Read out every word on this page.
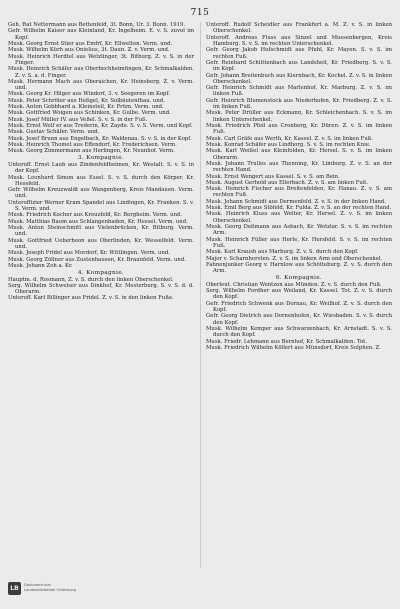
715

Geh. Rat Nettermann aus Bettenfeld, 3t. Bonn, Ur. 3. Bonn. 1919.

Gefr. Wilhelm Kaiser aus Kleinland, Kr. Ingelheim. E. v. S. zuvol im Kopf.

Musk. Georg Ernst Stier aus Emfrf, Kr. Ellwelten. Verm. und.

Musk. Wilhelm Kürh aus Onielius, 3t. Daun. Z. v. Verm. und.

Musk. Heinrich Herdtel aus Wetzlinger, 3t. Bitburg. Z. v. S. in der Finger.

Musk. Heinrich Schäfer aus Oberbechheimfingen, Kr. Schmalkalden. Z. v. S. a. d. Finger.

Musk. Hermann Mach aus Oberaichen, Kr. Heinsberg. Z. v. Verm. und.

Musk. Georg Kr. Hilger aus Windorf, 3. v. Seegeren im Kopf.

Musk. Peter Schröter aus Heßgel, Kr. Solbäutenthau. und.

Musk. Anton Gebbhard a. Kleinsteil, Kr. Prüm. Verm. und.

Musk. Gottfried Woigen aus Schinken, Kr. Gulbe. Verm. und.

Musk. Josef Müller IV. aus Veßel. S. v. S. in der Fuß.

Musk. Ernst Wolf er aus Trederin, Kr. Zayde. S. v. S. Verm. und Kopf.

Musk. Gustav Schäfer. Verm. und.

Musk. Josef Brunn aus Engelbach, Kr. Waldenau. S. v. S. in der Kopf.

Musk. Heinrich Thomet aus Effendorf, Kr. Frederichsen. Verm.

Musk. Georg Zimmermann aus Herlingen, Kr. Neunhof. Verm.

3. Kompagnie.

Unteroff. Ernst Laub aus Zindenfeldheimen, Kr. Westalt. S. v. S. in der Kopf.

Musk. Leonhard Simon aus Essel. S. v. S. durch den Körper, Kr. Hessfeld.

Gefr. Wilhelm Kreuzwaldt aus Wangenberg, Kreis Mandauen. Verm. und.

Unteroffizier Werner Kram Spandel aus Lindingen, Kr. Franken. S. v. S. Verm. und.

Musk. Friedrich Kocher aus Kreuzfeld, Kr. Bergheim. Verm. und.

Musk. Matthias Baum aus Schlangenbaden, Kr. Hessel. Verm. und.

Musk. Anton Steinschmitt aus Vielenbrücken, Kr. Bitburg. Verm. und.

Musk. Gottfried Ueberboon aus Oberlinden, Kr. Wesselfeld. Verm. und.

Musk. Joseph Fridel aus Mordorf, Kr. Wittlingen. Verm. und.

Musk. Georg Zöllner aus Zustenhausen, Kr. Braunfeld. Verm. und.

Musk. Johann Zoh a. Kr.

4. Kompagnie.

Hauptm. d. Rosmann, Z. v. S. durch den linken Oberschenkel.

Serg. Wilhelm Schwelser aus Dinkhof, Kr. Mesterburg. S. v. S. d. d. Oberarm.

Unteroff. Karl Billinger aus Fridel. Z. v. S. in den linken Fuße.

Unteroff. Rudolf Scheidler aus Frankfurt a. M. Z. v. S. in linken Oberschenkel.

Unteroff. Andreas Fluss aus Sinzel und Mussenbergen, Kreis Hamburg. S. v. S. im rechten Unterschenkel.

Gefr. Georg Jakob Hufschmidt aus Pfuhl, Kr. Mayen. S. v. S. im rechten Fuß.

Gefr. Reinhard Schlittenbach aus Landsheit, Kr. Friedberg. S. v. S. im Kopf.

Gefr. Johann Breitenbuch aus Kiernbach, Kr. Kochel. Z. v. S. in linken Oberschenkel.

Gefr. Heinrich Schmidt aus Marlenhof, Kr. Marburg. Z. v. S. im linken Fuß.

Gefr. Heinrich Blumenstock aus Niederhofen, Kr. Friedberg. Z. v. S. im linken Fuß.

Musk. Peter Drüller aus Eckmann, Kr. Schleichenbach. S. v. S. im linken Unterschenkel.

Musk. Friedrich Pfeil aus Cronberg, Kr. Düren. Z. v. S. im linken Fuß.

Musk. Carl Gräfe aus Werth, Kr. Kassel. Z. v. S. im linken Fuß.

Musk. Konrad Schäfer aus Lindhorg. S. v. S. im rechten Knie.

Musk. Karl Weißel aus Kleinfolden, Kr. Hersel. S. v. S. im linken Oberarm.

Musk. Johann Trulles aus Thenning, Kr. Limburg. Z. v. S. an der rechten Hand.

Musk. Ernst Wengert aus Kassel. S. v. S. am Bein.

Musk. August Gerhold aus Ellerbach. Z. v. S. am linken Fuß.

Musk. Heinrich Fischer aus Breitenfelden, Kr. Hanau. Z. v. S. am rechten Fuß.

Musk. Johann Schmidt aus Dermenfeld. Z. v. S. in der linken Hand.

Musk. Emil Berg aus Stöfeld, Kr. Fulda. Z. v. S. an der rechten Hand.

Musk. Heinrich Kluss aus Welter, Kr. Hersel. Z. v. S. im linken Oberschenkel.

Musk. Georg Deßmann aus Asbach, Kr. Wetzlar. S. v. S. im rechten Arm.

Musk. Heinrich Füller aus Herle, Kr. Hersfeld. S. v. S. im rechten Fuß.

Musk. Karl Kraush aus Marburg. Z. v. S. durch den Kopf.

Major v. Scharnhorsten. Z. v. S. im linken Arm und Oberschenkel.

Fahnenjunker Georg v. Harnlow aus Schötteburg. Z. v. S. durch den Arm.

6. Kompagnie.

Oberleut. Christian Wentzen aus Münden. Z. v. S. durch den Fuß.

Serg. Wilhelm Fordher aus Weiland, Kr. Kassel. Tot. Z. v. S. durch den Kopf.

Gefr. Friedrich Schwenk aus Dornau, Kr. Weilhof. Z. v. S. durch den Kopf.

Gefr. Georg Dietrich aus Dornenhofen, Kr. Wiesbaden. S. v. S. durch den Kopf.

Musk. Wilhelm Kemper aus Schwarzenbach, Kr. Arnstadt. S. v. S. durch den Kopf.

Musk. Friedr. Lehmann aus Bernhof, Kr. Schmalkalden. Tot.

Musk. Friedrich Wilhelm Köllert aus Münsdorf, Kreis Solphen. Z.

LB	Dokument aus
Landesbibliothek Oldenburg
